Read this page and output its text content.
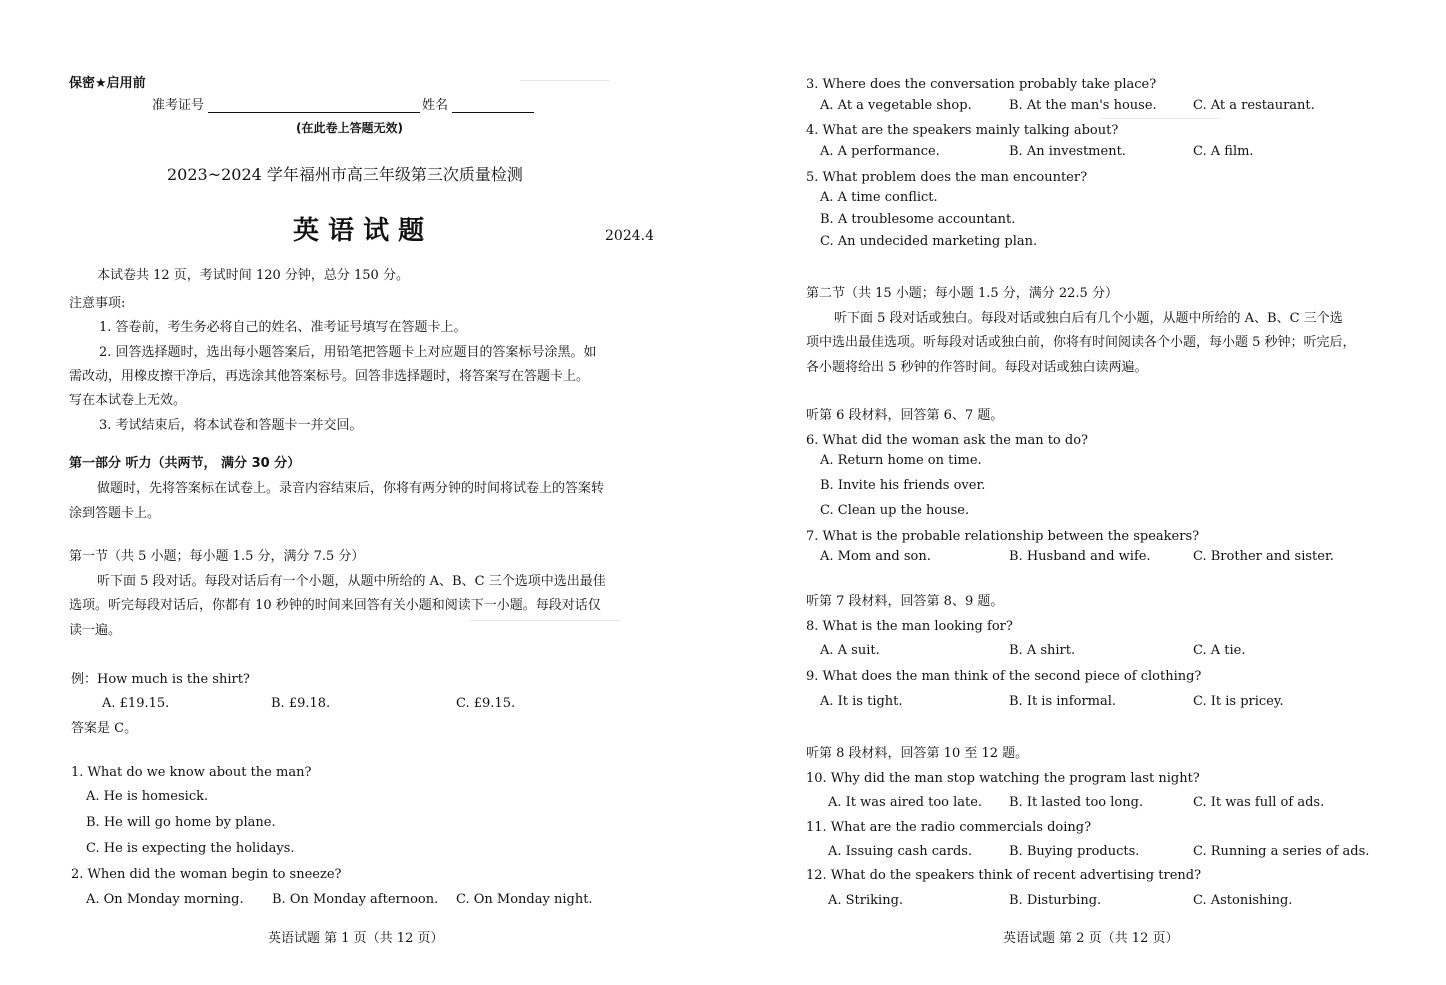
保密★启用前
准考证号	姓名
(在此卷上答题无效)
2023~2024 学年福州市高三年级第三次质量检测
英 语 试 题	2024.4
本试卷共 12 页，考试时间 120 分钟，总分 150 分。
注意事项:
1. 答卷前，考生务必将自己的姓名、准考证号填写在答题卡上。
2. 回答选择题时，选出每小题答案后，用铅笔把答题卡上对应题目的答案标号涂黑。如
需改动，用橡皮擦干净后，再选涂其他答案标号。回答非选择题时，将答案写在答题卡上。
写在本试卷上无效。
3. 考试结束后，将本试卷和答题卡一并交回。
第一部分 听力（共两节， 满分 30 分）
做题时，先将答案标在试卷上。录音内容结束后，你将有两分钟的时间将试卷上的答案转
涂到答题卡上。
第一节（共 5 小题；每小题 1.5 分，满分 7.5 分）
听下面 5 段对话。每段对话后有一个小题，从题中所给的 A、B、C 三个选项中选出最佳
选项。听完每段对话后，你都有 10 秒钟的时间来回答有关小题和阅读下一小题。每段对话仅
读一遍。
例：How much is the shirt?
A. £19.15.	B. £9.18.	C. £9.15.
答案是 C。
1. What do we know about the man?
A. He is homesick.
B. He will go home by plane.
C. He is expecting the holidays.
2. When did the woman begin to sneeze?
A. On Monday morning. B. On Monday afternoon. C. On Monday night.
英语试题 第 1 页（共 12 页）
3. Where does the conversation probably take place?
A. At a vegetable shop.	B. At the man's house.	C. At a restaurant.
4. What are the speakers mainly talking about?
A. A performance.	B. An investment.	C. A film.
5. What problem does the man encounter?
A. A time conflict.
B. A troublesome accountant.
C. An undecided marketing plan.
第二节（共 15 小题；每小题 1.5 分，满分 22.5 分）
听下面 5 段对话或独白。每段对话或独白后有几个小题，从题中所给的 A、B、C 三个选
项中选出最佳选项。听每段对话或独白前，你将有时间阅读各个小题，每小题 5 秒钟；听完后，
各小题将给出 5 秒钟的作答时间。每段对话或独白读两遍。
听第 6 段材料，回答第 6、7 题。
6. What did the woman ask the man to do?
A. Return home on time.
B. Invite his friends over.
C. Clean up the house.
7. What is the probable relationship between the speakers?
A. Mom and son.	B. Husband and wife.	C. Brother and sister.
听第 7 段材料，回答第 8、9 题。
8. What is the man looking for?
A. A suit.	B. A shirt.	C. A tie.
9. What does the man think of the second piece of clothing?
A. It is tight.	B. It is informal.	C. It is pricey.
听第 8 段材料，回答第 10 至 12 题。
10. Why did the man stop watching the program last night?
A. It was aired too late. B. It lasted too long.	C. It was full of ads.
11. What are the radio commercials doing?
A. Issuing cash cards.	B. Buying products.	C. Running a series of ads.
12. What do the speakers think of recent advertising trend?
A. Striking.	B. Disturbing.	C. Astonishing.
英语试题 第 2 页（共 12 页）
